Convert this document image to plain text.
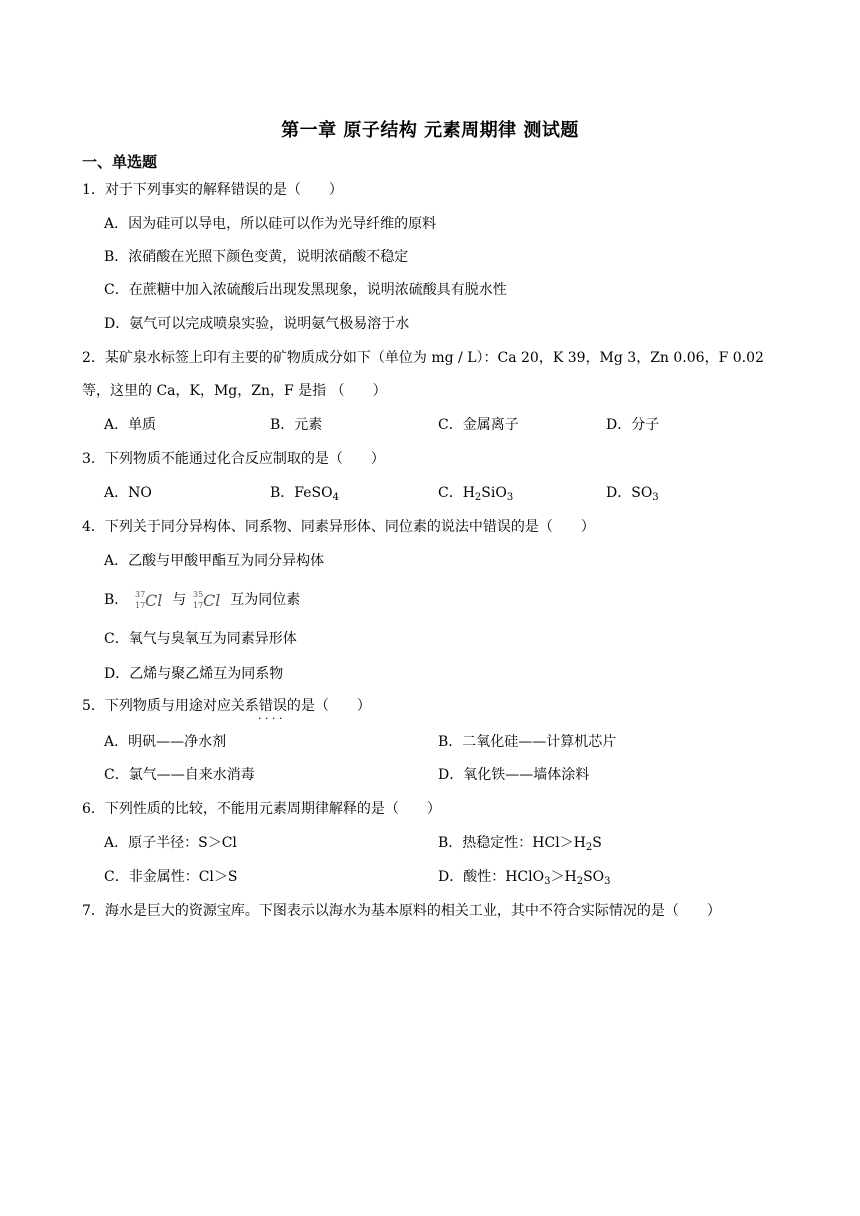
第一章 原子结构 元素周期律 测试题
一、单选题
1．对于下列事实的解释错误的是（　　）
A．因为硅可以导电，所以硅可以作为光导纤维的原料
B．浓硝酸在光照下颜色变黄，说明浓硝酸不稳定
C．在蔗糖中加入浓硫酸后出现发黑现象，说明浓硫酸具有脱水性
D．氨气可以完成喷泉实验，说明氨气极易溶于水
2．某矿泉水标签上印有主要的矿物质成分如下（单位为 mg / L）：Ca 20，K 39，Mg 3，Zn 0.06，F 0.02
等，这里的 Ca，K，Mg，Zn，F 是指 （　　）
A．单质	B．元素	C．金属离子	D．分子
3．下列物质不能通过化合反应制取的是（　　）
A．NO	B．FeSO$_4$	C．$H_2SiO_3$	D．$SO_3$
4．下列关于同分异构体、同系物、同素异形体、同位素的说法中错误的是（　　）
A．乙酸与甲酸甲酯互为同分异构体
B． 37
17 Cl 与 35
17 Cl 互为同位素
C．氧气与臭氧互为同素异形体
D．乙烯与聚乙烯互为同系物
5．下列物质与用途对应关系错误的 · · 是（　　）
A．明矾——净水剂	B．二氧化硅——计算机芯片
C．氯气——自来水消毒	D．氧化铁——墙体涂料
6．下列性质的比较，不能用元素周期律解释的是（　　）
A．原子半径：S＞Cl	B．热稳定性：$HCl>H_2S$
C．非金属性：Cl＞S	D．酸性：$HClO_3>H_2SO_3$
7．海水是巨大的资源宝库。下图表示以海水为基本原料的相关工业，其中不符合实际情况的是（　　）
